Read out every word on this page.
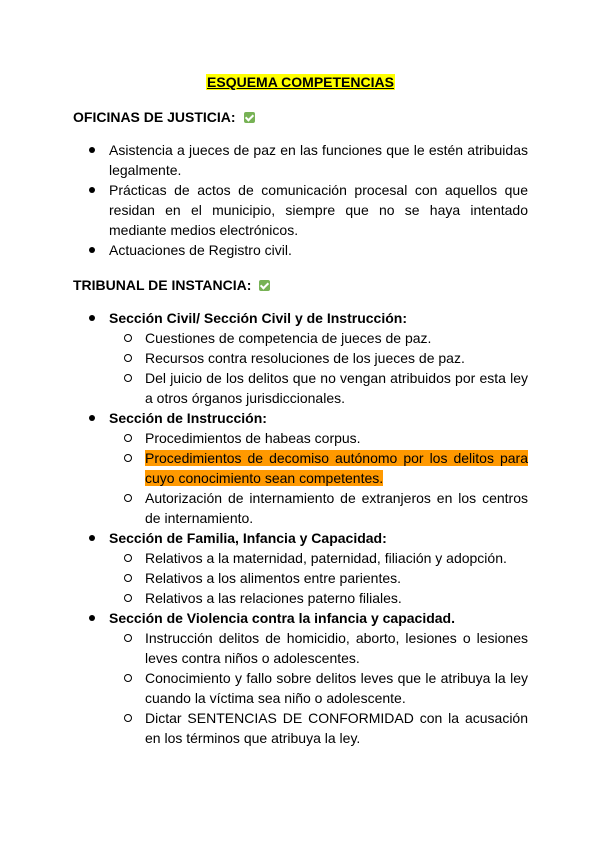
ESQUEMA COMPETENCIAS
OFICINAS DE JUSTICIA:
Asistencia a jueces de paz en las funciones que le estén atribuidas legalmente.
Prácticas de actos de comunicación procesal con aquellos que residan en el municipio, siempre que no se haya intentado mediante medios electrónicos.
Actuaciones de Registro civil.
TRIBUNAL DE INSTANCIA:
Sección Civil/ Sección Civil y de Instrucción:
Cuestiones de competencia de jueces de paz.
Recursos contra resoluciones de los jueces de paz.
Del juicio de los delitos que no vengan atribuidos por esta ley a otros órganos jurisdiccionales.
Sección de Instrucción:
Procedimientos de habeas corpus.
Procedimientos de decomiso autónomo por los delitos para cuyo conocimiento sean competentes.
Autorización de internamiento de extranjeros en los centros de internamiento.
Sección de Familia, Infancia y Capacidad:
Relativos a la maternidad, paternidad, filiación y adopción.
Relativos a los alimentos entre parientes.
Relativos a las relaciones paterno filiales.
Sección de Violencia contra la infancia y capacidad.
Instrucción delitos de homicidio, aborto, lesiones o lesiones leves contra niños o adolescentes.
Conocimiento y fallo sobre delitos leves que le atribuya la ley cuando la víctima sea niño o adolescente.
Dictar SENTENCIAS DE CONFORMIDAD con la acusación en los términos que atribuya la ley.
